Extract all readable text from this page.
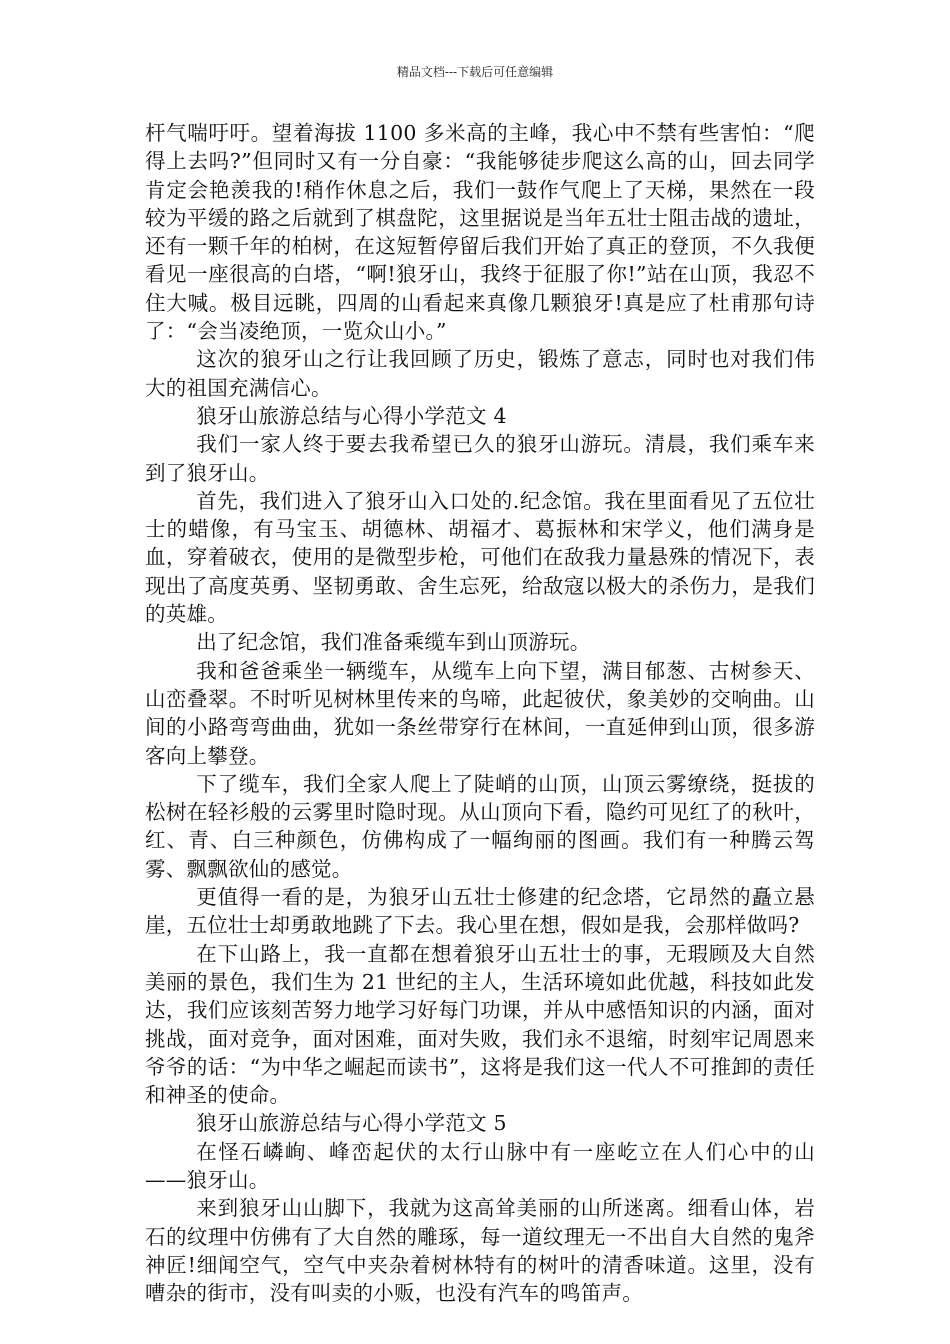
精品文档---下载后可任意编辑

杆气喘吁吁。望着海拔 1100 多米高的主峰，我心中不禁有些害怕：“爬得上去吗?”但同时又有一分自豪：“我能够徒步爬这么高的山，回去同学肯定会艳羡我的!稍作休息之后，我们一鼓作气爬上了天梯，果然在一段较为平缓的路之后就到了棋盘陀，这里据说是当年五壮士阻击战的遗址，还有一颗千年的柏树，在这短暂停留后我们开始了真正的登顶，不久我便看见一座很高的白塔，“啊!狼牙山，我终于征服了你!”站在山顶，我忍不住大喊。极目远眺，四周的山看起来真像几颗狼牙!真是应了杜甫那句诗了：“会当凌绝顶，一览众山小。”

这次的狼牙山之行让我回顾了历史，锻炼了意志，同时也对我们伟大的祖国充满信心。

狼牙山旅游总结与心得小学范文 4

我们一家人终于要去我希望已久的狼牙山游玩。清晨，我们乘车来到了狼牙山。

首先，我们进入了狼牙山入口处的.纪念馆。我在里面看见了五位壮士的蜡像，有马宝玉、胡德林、胡福才、葛振林和宋学义，他们满身是血，穿着破衣，使用的是微型步枪，可他们在敌我力量悬殊的情况下，表现出了高度英勇、坚韧勇敢、舍生忘死，给敌寇以极大的杀伤力，是我们的英雄。

出了纪念馆，我们准备乘缆车到山顶游玩。

我和爸爸乘坐一辆缆车，从缆车上向下望，满目郁葱、古树参天、山峦叠翠。不时听见树林里传来的鸟啼，此起彼伏，象美妙的交响曲。山间的小路弯弯曲曲，犹如一条丝带穿行在林间，一直延伸到山顶，很多游客向上攀登。

下了缆车，我们全家人爬上了陡峭的山顶，山顶云雾缭绕，挺拔的松树在轻衫般的云雾里时隐时现。从山顶向下看，隐约可见红了的秋叶，红、青、白三种颜色，仿佛构成了一幅绚丽的图画。我们有一种腾云驾雾、飘飘欲仙的感觉。

更值得一看的是，为狼牙山五壮士修建的纪念塔，它昂然的矗立悬崖，五位壮士却勇敢地跳了下去。我心里在想，假如是我，会那样做吗?

在下山路上，我一直都在想着狼牙山五壮士的事，无瑕顾及大自然美丽的景色，我们生为 21 世纪的主人，生活环境如此优越，科技如此发达，我们应该刻苦努力地学习好每门功课，并从中感悟知识的内涵，面对挑战，面对竞争，面对困难，面对失败，我们永不退缩，时刻牢记周恩来爷爷的话：“为中华之崛起而读书”，这将是我们这一代人不可推卸的责任和神圣的使命。

狼牙山旅游总结与心得小学范文 5

在怪石嶙峋、峰峦起伏的太行山脉中有一座屹立在人们心中的山——狼牙山。

来到狼牙山山脚下，我就为这高耸美丽的山所迷离。细看山体，岩石的纹理中仿佛有了大自然的雕琢，每一道纹理无一不出自大自然的鬼斧神匠!细闻空气，空气中夹杂着树林特有的树叶的清香味道。这里，没有嘈杂的街市，没有叫卖的小贩，也没有汽车的鸣笛声。
